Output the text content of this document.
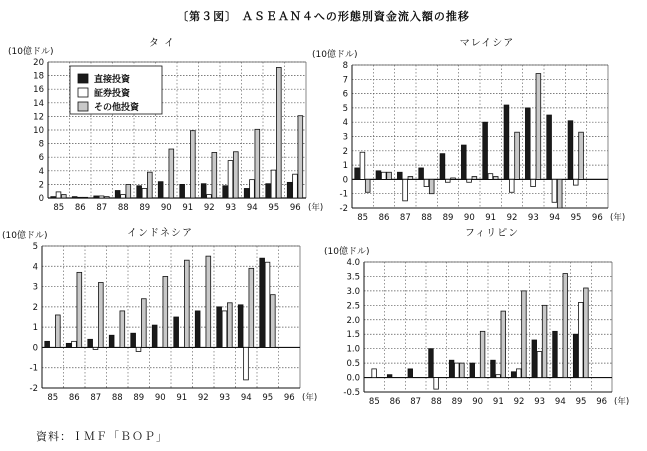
〔第３図〕 ＡＳＥＡＮ４への形態別資金流入額の推移
タ イ
(10億ドル)
0
2
4
6
8
10
12
14
16
18
20
85 86 87 88 89 90 91 92 93 94 95 96 (年)
直接投資
証券投資
その他投資
マレイシア
(10億ドル)
-2
-1
0
1
2
3
4
5
6
7
8
85 86 87 88 89 90 91 92 93 94 95 96 (年)
インドネシア
(10億ドル)
-2
-1
0
1
2
3
4
5
85 86 87 88 89 90 91 92 93 94 95 96 (年)
フィリピン
(10億ドル)
-0.5
0.0
0.5
1.0
1.5
2.0
2.5
3.0
3.5
4.0
85 86 87 88 89 90 91 92 93 94 95 96 (年)
資料：ＩＭＦ「ＢＯＰ」
